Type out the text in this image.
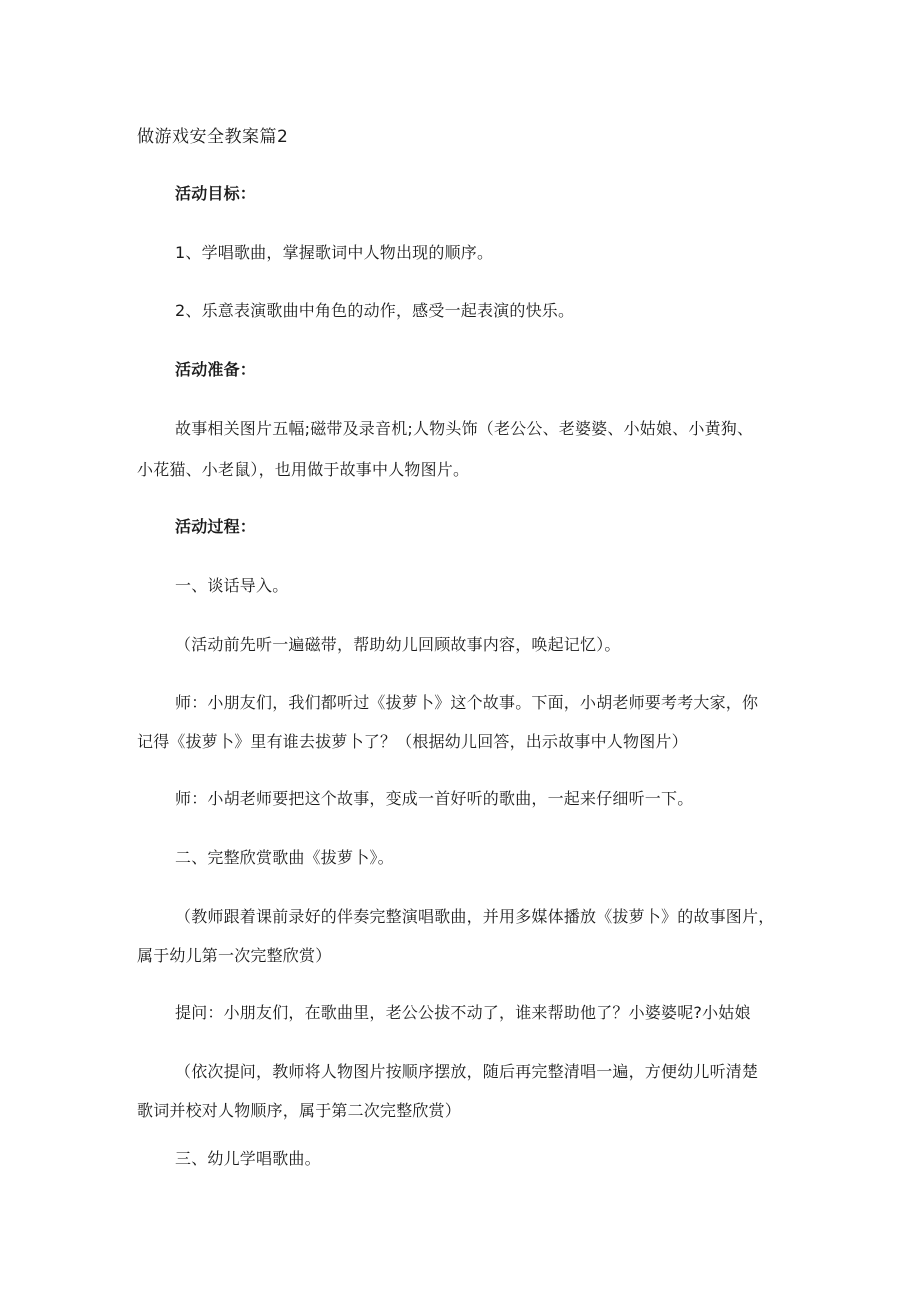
做游戏安全教案篇2
活动目标：
1、学唱歌曲，掌握歌词中人物出现的顺序。
2、乐意表演歌曲中角色的动作，感受一起表演的快乐。
活动准备：
故事相关图片五幅;磁带及录音机;人物头饰（老公公、老婆婆、小姑娘、小黄狗、
小花猫、小老鼠），也用做于故事中人物图片。
活动过程：
一、谈话导入。
（活动前先听一遍磁带，帮助幼儿回顾故事内容，唤起记忆）。
师：小朋友们，我们都听过《拔萝卜》这个故事。下面，小胡老师要考考大家，你
记得《拔萝卜》里有谁去拔萝卜了？（根据幼儿回答，出示故事中人物图片）
师：小胡老师要把这个故事，变成一首好听的歌曲，一起来仔细听一下。
二、完整欣赏歌曲《拔萝卜》。
（教师跟着课前录好的伴奏完整演唱歌曲，并用多媒体播放《拔萝卜》的故事图片，
属于幼儿第一次完整欣赏）
提问：小朋友们，在歌曲里，老公公拔不动了，谁来帮助他了？小婆婆呢?小姑娘
（依次提问，教师将人物图片按顺序摆放，随后再完整清唱一遍，方便幼儿听清楚
歌词并校对人物顺序，属于第二次完整欣赏）
三、幼儿学唱歌曲。
